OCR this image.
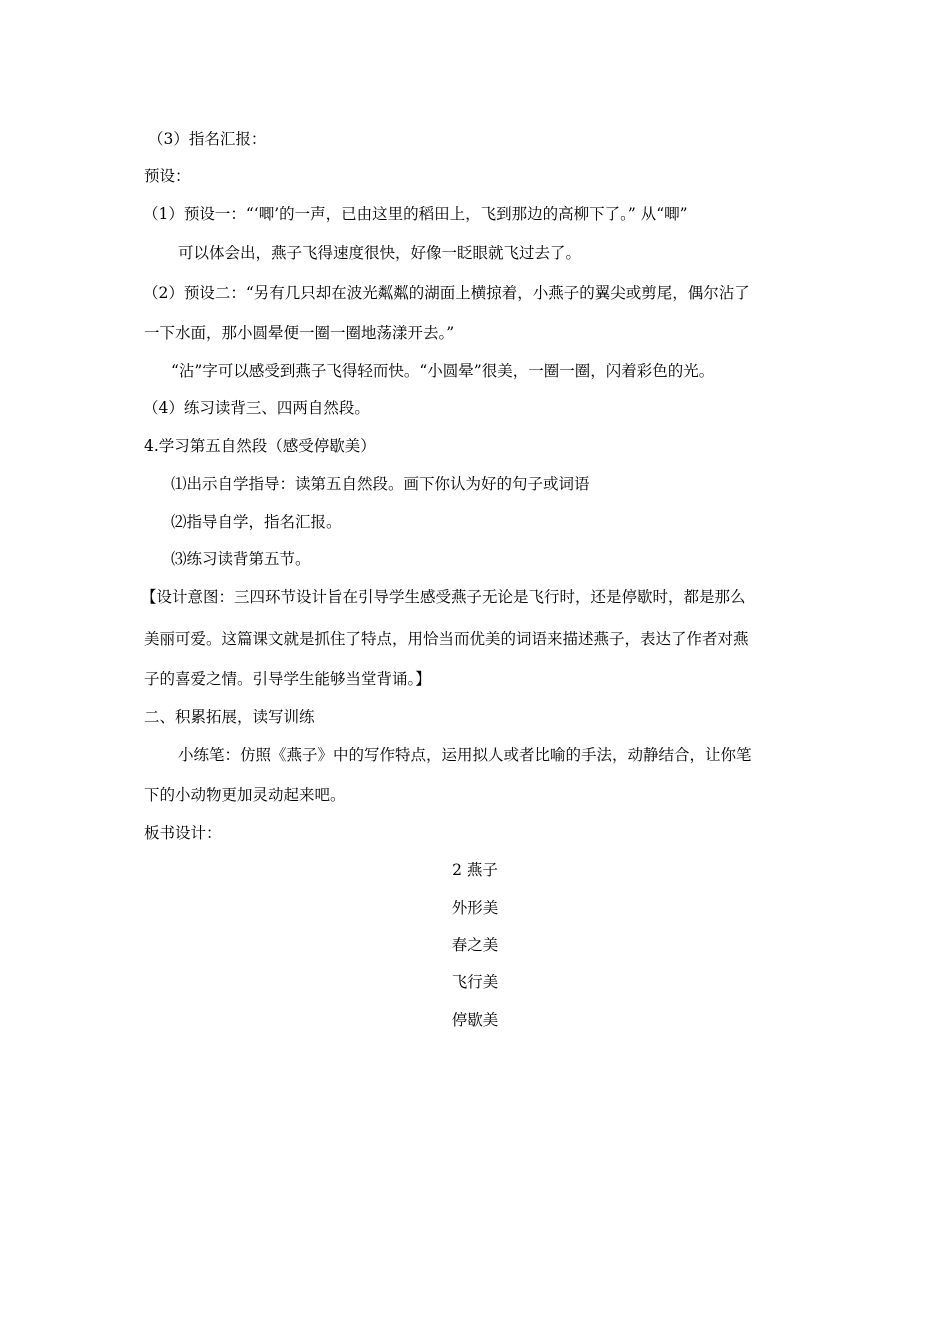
（3）指名汇报：
预设：
（1）预设一：“‘唧’的一声，已由这里的稻田上，飞到那边的高柳下了。” 从“唧”
可以体会出，燕子飞得速度很快，好像一眨眼就飞过去了。
（2）预设二：“另有几只却在波光粼粼的湖面上横掠着，小燕子的翼尖或剪尾，偶尔沾了
一下水面，那小圆晕便一圈一圈地荡漾开去。”
“沾”字可以感受到燕子飞得轻而快。“小圆晕”很美，一圈一圈，闪着彩色的光。
（4）练习读背三、四两自然段。
4.学习第五自然段（感受停歇美）
⑴出示自学指导：读第五自然段。画下你认为好的句子或词语
⑵指导自学，指名汇报。
⑶练习读背第五节。
【设计意图：三四环节设计旨在引导学生感受燕子无论是飞行时，还是停歇时，都是那么
美丽可爱。这篇课文就是抓住了特点，用恰当而优美的词语来描述燕子，表达了作者对燕
子的喜爱之情。引导学生能够当堂背诵。】
二、积累拓展，读写训练
小练笔：仿照《燕子》中的写作特点，运用拟人或者比喻的手法，动静结合，让你笔
下的小动物更加灵动起来吧。
板书设计：
2 燕子
外形美
春之美
飞行美
停歇美
